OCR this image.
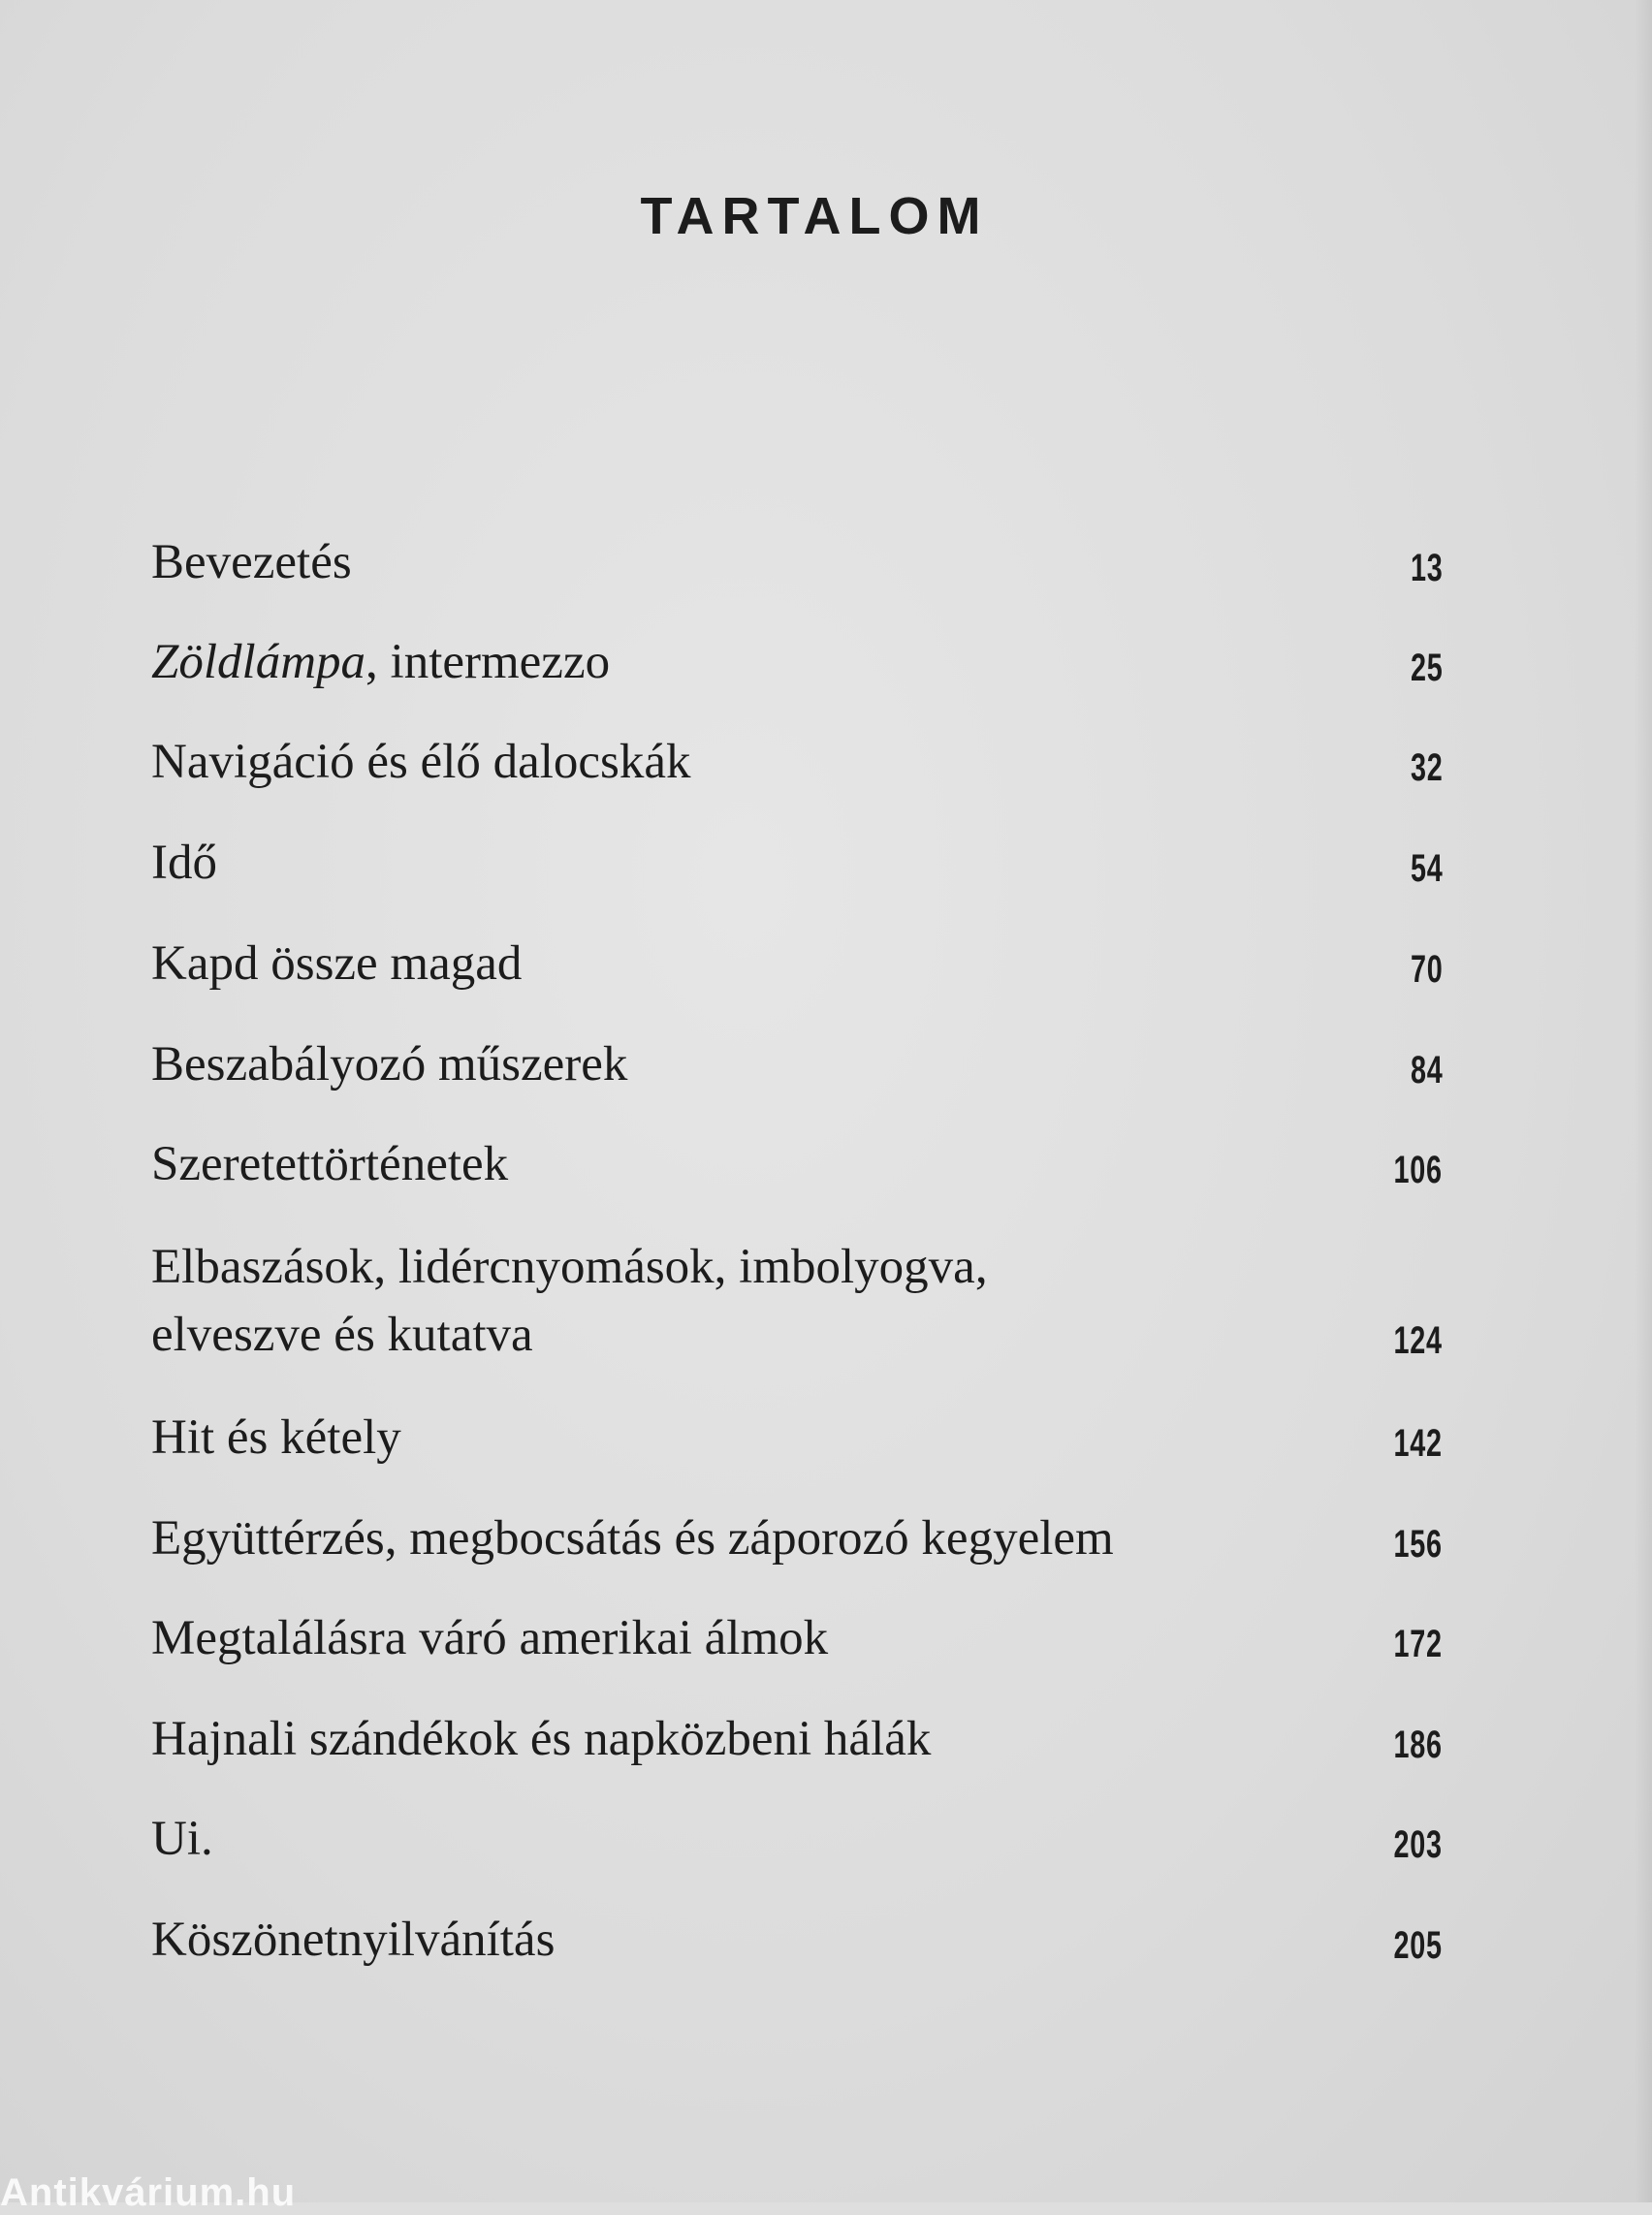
TARTALOM
Bevezetés	13
Zöldlámpa, intermezzo	25
Navigáció és élő dalocskák	32
Idő	54
Kapd össze magad	70
Beszabályozó műszerek	84
Szeretettörténetek	106
Elbaszások, lidércnyomások, imbolyogva,
elveszve és kutatva	124
Hit és kétely	142
Együttérzés, megbocsátás és záporozó kegyelem	156
Megtalálásra váró amerikai álmok	172
Hajnali szándékok és napközbeni hálák	186
Ui.	203
Köszönetnyilvánítás	205
Antikvárium.hu
